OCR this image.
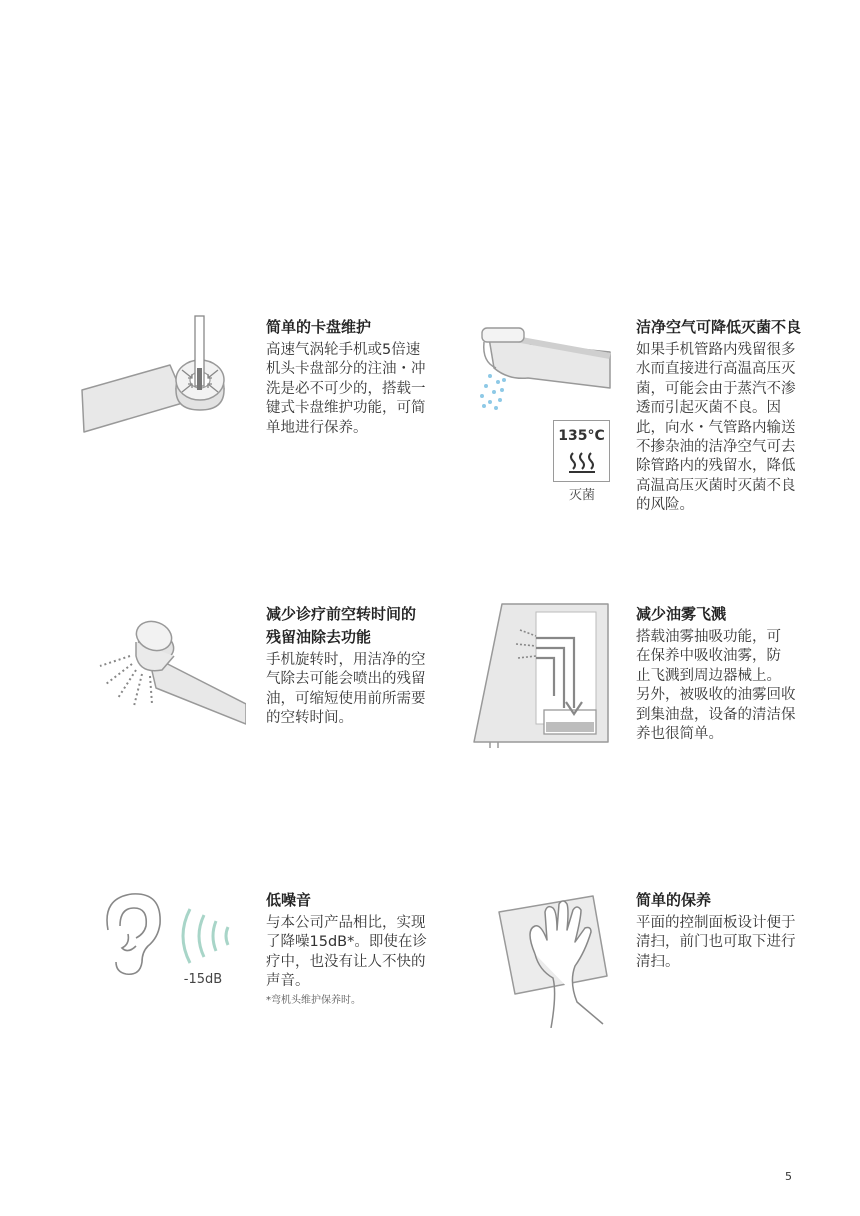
简单的卡盘维护
高速气涡轮手机或5倍速
机头卡盘部分的注油・冲
洗是必不可少的，搭载一
键式卡盘维护功能，可简
单地进行保养。
135°C
灭菌
洁净空气可降低灭菌不良
如果手机管路内残留很多
水而直接进行高温高压灭
菌，可能会由于蒸汽不渗
透而引起灭菌不良。因
此，向水・气管路内输送
不掺杂油的洁净空气可去
除管路内的残留水，降低
高温高压灭菌时灭菌不良
的风险。
减少诊疗前空转时间的
残留油除去功能
手机旋转时，用洁净的空
气除去可能会喷出的残留
油，可缩短使用前所需要
的空转时间。
减少油雾飞溅
搭载油雾抽吸功能，可
在保养中吸收油雾，防
止飞溅到周边器械上。
另外，被吸收的油雾回收
到集油盘，设备的清洁保
养也很简单。
-15dB
低噪音
与本公司产品相比，实现
了降噪15dB*。即使在诊
疗中，也没有让人不快的
声音。
*弯机头维护保养时。
简单的保养
平面的控制面板设计便于
清扫，前门也可取下进行
清扫。
5
